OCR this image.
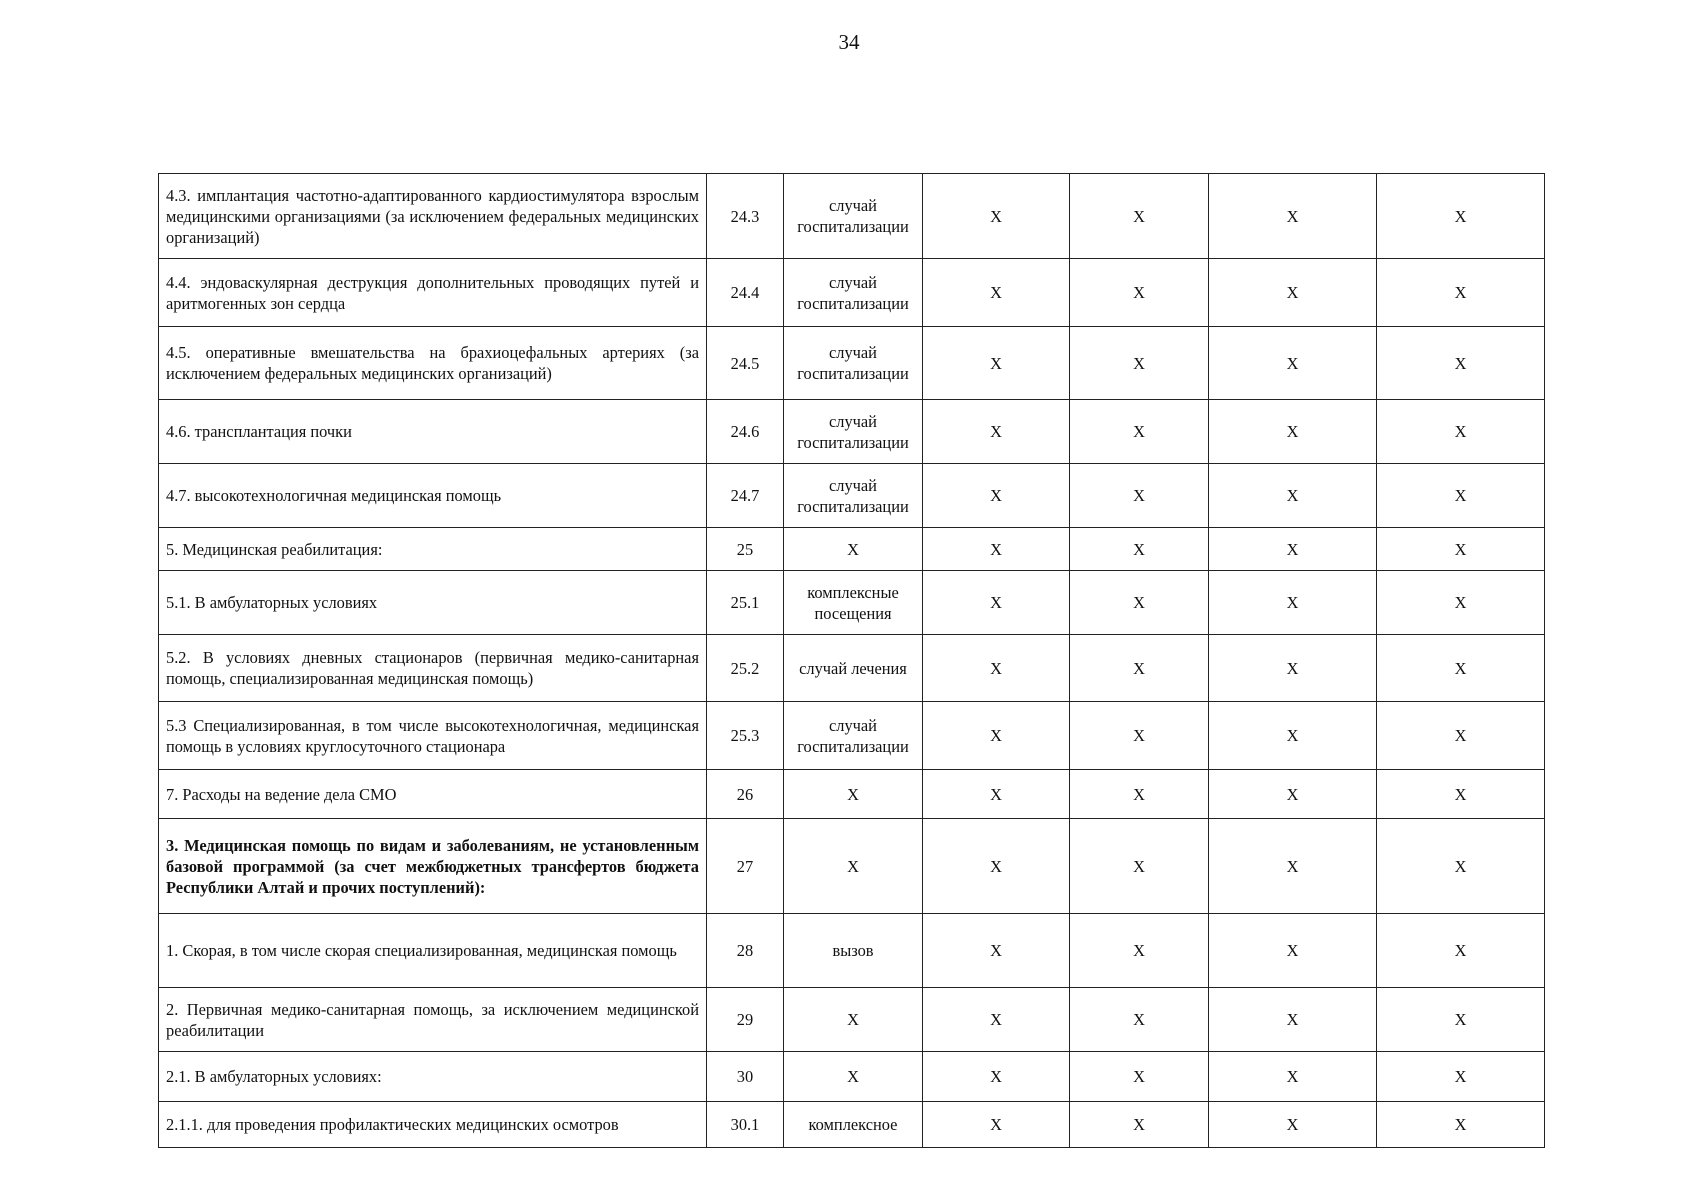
34
4.3. имплантация частотно-адаптированного кардиостимулятора взрослым медицинскими организациями (за исключением федеральных медицинских организаций)	24.3	случай госпитализации	X	X	X	X
4.4. эндоваскулярная деструкция дополнительных проводящих путей и аритмогенных зон сердца	24.4	случай госпитализации	X	X	X	X
4.5. оперативные вмешательства на брахиоцефальных артериях (за исключением федеральных медицинских организаций)	24.5	случай госпитализации	X	X	X	X
4.6. трансплантация почки	24.6	случай госпитализации	X	X	X	X
4.7. высокотехнологичная медицинская помощь	24.7	случай госпитализации	X	X	X	X
5. Медицинская реабилитация:	25	X	X	X	X	X
5.1. В амбулаторных условиях	25.1	комплексные посещения	X	X	X	X
5.2. В условиях дневных стационаров (первичная медико-санитарная помощь, специализированная медицинская помощь)	25.2	случай лечения	X	X	X	X
5.3 Специализированная, в том числе высокотехнологичная, медицинская помощь в условиях круглосуточного стационара	25.3	случай госпитализации	X	X	X	X
7. Расходы на ведение дела СМО	26	X	X	X	X	X
3. Медицинская помощь по видам и заболеваниям, не установленным базовой программой (за счет межбюджетных трансфертов бюджета Республики Алтай и прочих поступлений):	27	X	X	X	X	X
1. Скорая, в том числе скорая специализированная, медицинская помощь	28	вызов	X	X	X	X
2. Первичная медико-санитарная помощь, за исключением медицинской реабилитации	29	X	X	X	X	X
2.1. В амбулаторных условиях:	30	X	X	X	X	X
2.1.1. для проведения профилактических медицинских осмотров	30.1	комплексное	X	X	X	X
